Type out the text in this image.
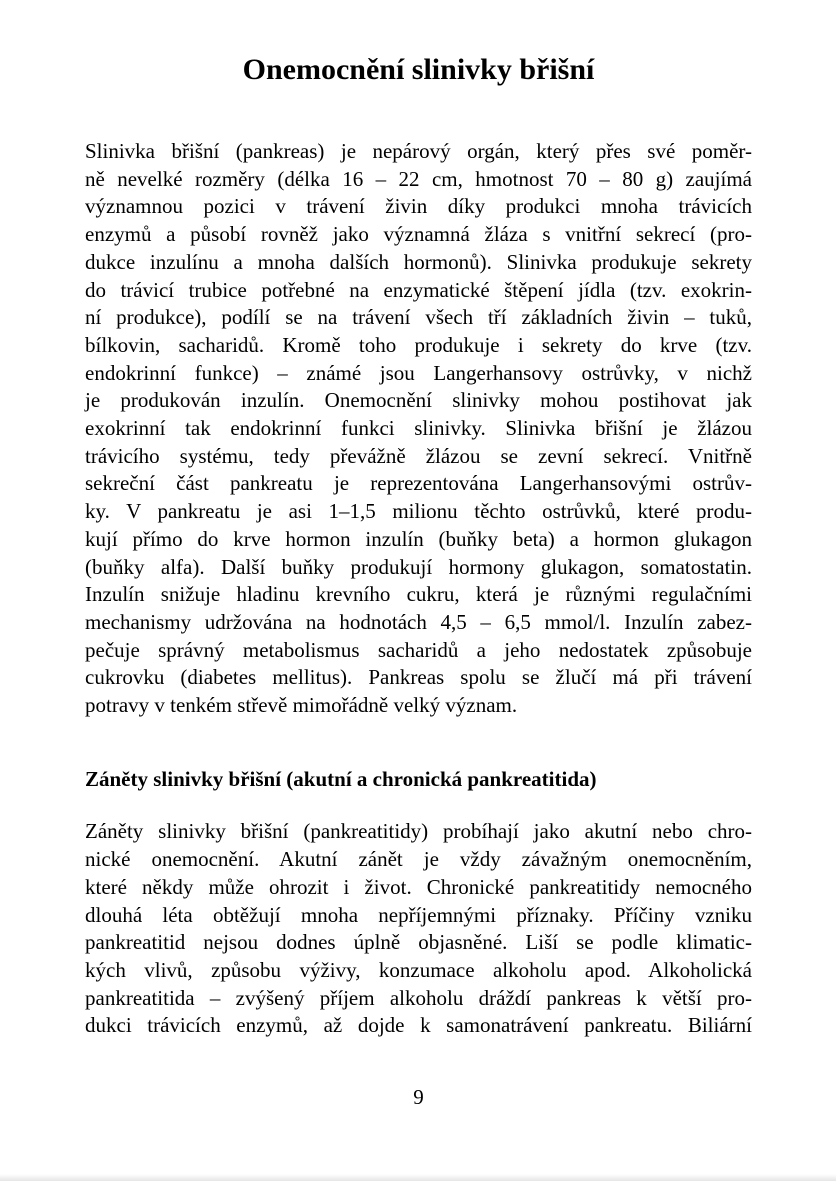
Onemocnění slinivky břišní
Slinivka břišní (pankreas) je nepárový orgán, který přes své poměr-
ně nevelké rozměry (délka 16 – 22 cm, hmotnost 70 – 80 g) zaujímá
významnou pozici v trávení živin díky produkci mnoha trávicích
enzymů a působí rovněž jako významná žláza s vnitřní sekrecí (pro-
dukce inzulínu a mnoha dalších hormonů). Slinivka produkuje sekrety
do trávicí trubice potřebné na enzymatické štěpení jídla (tzv. exokrin-
ní produkce), podílí se na trávení všech tří základních živin – tuků,
bílkovin, sacharidů. Kromě toho produkuje i sekrety do krve (tzv.
endokrinní funkce) – známé jsou Langerhansovy ostrůvky, v nichž
je produkován inzulín. Onemocnění slinivky mohou postihovat jak
exokrinní tak endokrinní funkci slinivky. Slinivka břišní je žlázou
trávicího systému, tedy převážně žlázou se zevní sekrecí. Vnitřně
sekreční část pankreatu je reprezentována Langerhansovými ostrův-
ky. V pankreatu je asi 1–1,5 milionu těchto ostrůvků, které produ-
kují přímo do krve hormon inzulín (buňky beta) a hormon glukagon
(buňky alfa). Další buňky produkují hormony glukagon, somatostatin.
Inzulín snižuje hladinu krevního cukru, která je různými regulačními
mechanismy udržována na hodnotách 4,5 – 6,5 mmol/l. Inzulín zabez-
pečuje správný metabolismus sacharidů a jeho nedostatek způsobuje
cukrovku (diabetes mellitus). Pankreas spolu se žlučí má při trávení
potravy v tenkém střevě mimořádně velký význam.
Záněty slinivky břišní (akutní a chronická pankreatitida)
Záněty slinivky břišní (pankreatitidy) probíhají jako akutní nebo chro-
nické onemocnění. Akutní zánět je vždy závažným onemocněním,
které někdy může ohrozit i život. Chronické pankreatitidy nemocného
dlouhá léta obtěžují mnoha nepříjemnými příznaky. Příčiny vzniku
pankreatitid nejsou dodnes úplně objasněné. Liší se podle klimatic-
kých vlivů, způsobu výživy, konzumace alkoholu apod. Alkoholická
pankreatitida – zvýšený příjem alkoholu dráždí pankreas k větší pro-
dukci trávicích enzymů, až dojde k samonatrávení pankreatu. Biliární
9
